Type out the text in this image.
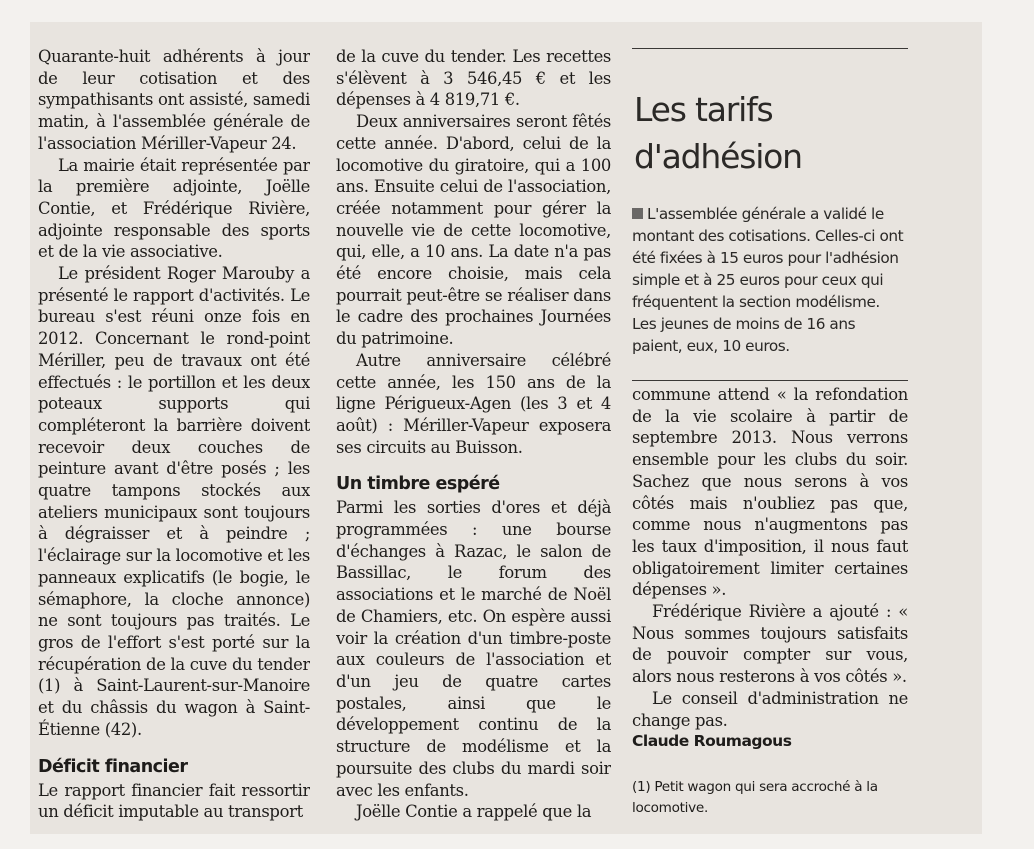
Quarante-huit adhérents à jour de leur cotisation et des sympathisants ont assisté, samedi matin, à l'assemblée générale de l'association Mériller-Vapeur 24.

La mairie était représentée par la première adjointe, Joëlle Contie, et Frédérique Rivière, adjointe responsable des sports et de la vie associative.

Le président Roger Marouby a présenté le rapport d'activités. Le bureau s'est réuni onze fois en 2012. Concernant le rond-point Mériller, peu de travaux ont été effectués : le portillon et les deux poteaux supports qui compléteront la barrière doivent recevoir deux couches de peinture avant d'être posés ; les quatre tampons stockés aux ateliers municipaux sont toujours à dégraisser et à peindre ; l'éclairage sur la locomotive et les panneaux explicatifs (le bogie, le sémaphore, la cloche annonce) ne sont toujours pas traités. Le gros de l'effort s'est porté sur la récupération de la cuve du tender (1) à Saint-Laurent-sur-Manoire et du châssis du wagon à Saint-Étienne (42).

Déficit financier

Le rapport financier fait ressortir un déficit imputable au transport

de la cuve du tender. Les recettes s'élèvent à 3 546,45 € et les dépenses à 4 819,71 €.

Deux anniversaires seront fêtés cette année. D'abord, celui de la locomotive du giratoire, qui a 100 ans. Ensuite celui de l'association, créée notamment pour gérer la nouvelle vie de cette locomotive, qui, elle, a 10 ans. La date n'a pas été encore choisie, mais cela pourrait peut-être se réaliser dans le cadre des prochaines Journées du patrimoine.

Autre anniversaire célébré cette année, les 150 ans de la ligne Périgueux-Agen (les 3 et 4 août) : Mériller-Vapeur exposera ses circuits au Buisson.

Un timbre espéré

Parmi les sorties d'ores et déjà programmées : une bourse d'échanges à Razac, le salon de Bassillac, le forum des associations et le marché de Noël de Chamiers, etc. On espère aussi voir la création d'un timbre-poste aux couleurs de l'association et d'un jeu de quatre cartes postales, ainsi que le développement continu de la structure de modélisme et la poursuite des clubs du mardi soir avec les enfants.

Joëlle Contie a rappelé que la

Les tarifs d'adhésion
L'assemblée générale a validé le montant des cotisations. Celles-ci ont été fixées à 15 euros pour l'adhésion simple et à 25 euros pour ceux qui fréquentent la section modélisme. Les jeunes de moins de 16 ans paient, eux, 10 euros.

commune attend « la refondation de la vie scolaire à partir de septembre 2013. Nous verrons ensemble pour les clubs du soir. Sachez que nous serons à vos côtés mais n'oubliez pas que, comme nous n'augmentons pas les taux d'imposition, il nous faut obligatoirement limiter certaines dépenses ».

Frédérique Rivière a ajouté : « Nous sommes toujours satisfaits de pouvoir compter sur vous, alors nous resterons à vos côtés ».

Le conseil d'administration ne change pas.

Claude Roumagous
(1) Petit wagon qui sera accroché à la locomotive.
